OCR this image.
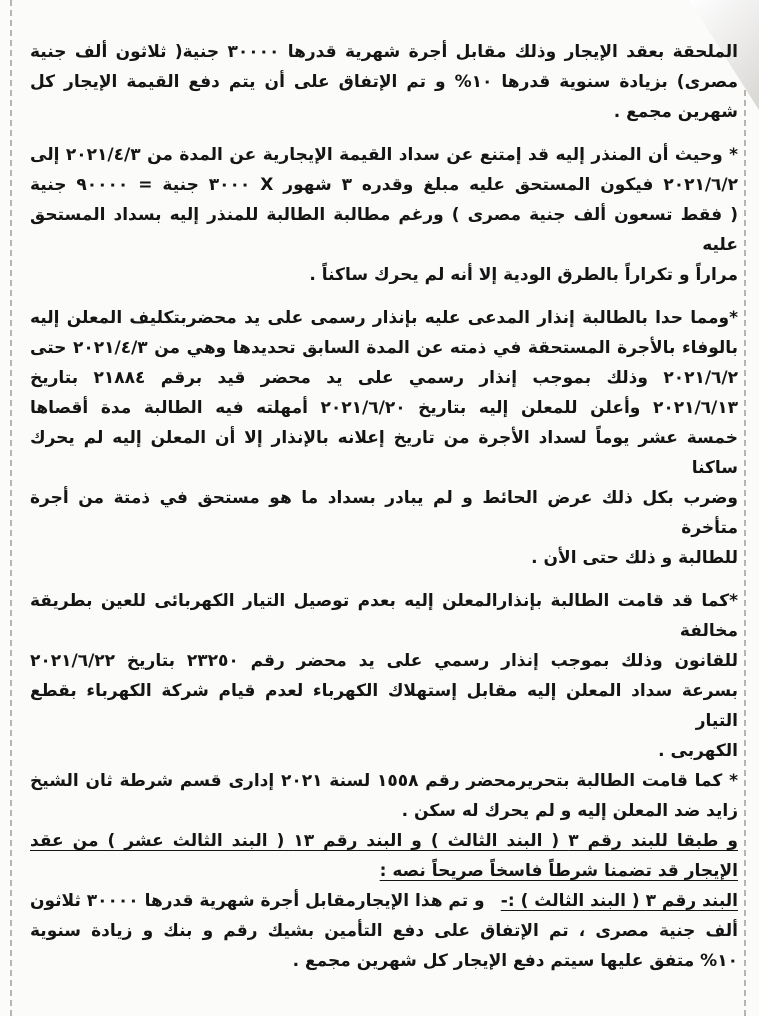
الملحقة بعقد الإيجار وذلك مقابل أجرة شهرية قدرها ٣٠٠٠٠ جنية( ثلاثون ألف جنية
مصرى) بزيادة سنوية قدرها ١٠% و تم الإتفاق على أن يتم دفع القيمة الإيجار كل
شهرين مجمع .
* وحيث أن المنذر إليه قد إمتنع عن سداد القيمة الإيجارية عن المدة من ٢٠٢١/٤/٣ إلى
٢٠٢١/٦/٢ فيكون المستحق عليه مبلغ وقدره ٣ شهور X ٣٠٠٠ جنية = ٩٠٠٠٠ جنية
( فقط تسعون ألف جنية مصرى ) ورغم مطالبة الطالبة للمنذر إليه بسداد المستحق عليه
مراراً و تكراراً بالطرق الودية إلا أنه لم يحرك ساكناً .
*ومما حدا بالطالبة إنذار المدعى عليه بإنذار رسمى على يد محضربتكليف المعلن إليه
بالوفاء بالأجرة المستحقة في ذمته عن المدة السابق تحديدها وهي من ٢٠٢١/٤/٣ حتى
٢٠٢١/٦/٢ وذلك بموجب إنذار رسمي على يد محضر قيد برقم ٢١٨٨٤ بتاريخ
٢٠٢١/٦/١٣ وأعلن للمعلن إليه بتاريخ ٢٠٢١/٦/٢٠ أمهلته فيه الطالبة مدة أقصاها
خمسة عشر يوماً لسداد الأجرة من تاريخ إعلانه بالإنذار إلا أن المعلن إليه لم يحرك ساكنا
وضرب بكل ذلك عرض الحائط و لم يبادر بسداد ما هو مستحق في ذمتة من أجرة متأخرة
للطالبة و ذلك حتى الأن .
*كما قد قامت الطالبة بإنذارالمعلن إليه بعدم توصيل التيار الكهربائى للعين بطريقة مخالفة
للقانون وذلك بموجب إنذار رسمي على يد محضر رقم ٢٣٢٥٠ بتاريخ ٢٠٢١/٦/٢٢
بسرعة سداد المعلن إليه مقابل إستهلاك الكهرباء لعدم قيام شركة الكهرباء بقطع التيار
الكهربى .
* كما قامت الطالبة بتحريرمحضر رقم ١٥٥٨ لسنة ٢٠٢١ إدارى قسم شرطة ثان الشيخ
زايد ضد المعلن إليه و لم يحرك له سكن .
و طبقا للبند رقم ٣ ( البند الثالث ) و البند رقم ١٣ ( البند الثالث عشر ) من عقد
الإيجار قد تضمنا شرطاً فاسخاً صريحاً نصه :
البند رقم ٣ ( البند الثالث ) :-
و تم هذا الإيجارمقابل أجرة شهرية قدرها ٣٠٠٠٠ ثلاثون
ألف جنية مصرى ، تم الإتفاق على دفع التأمين بشيك رقم و بنك و زيادة سنوية
١٠% متفق عليها سيتم دفع الإيجار كل شهرين مجمع .
